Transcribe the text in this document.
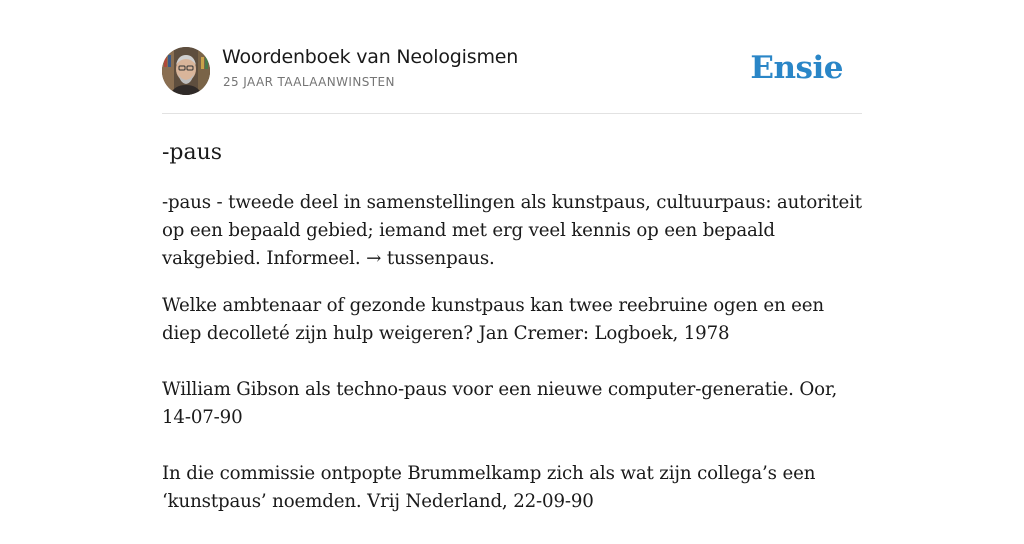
Woordenboek van Neologismen
25 JAAR TAALAANWINSTEN	Ensie
-paus

-paus - tweede deel in samenstellingen als kunstpaus, cultuurpaus: autoriteit op een bepaald gebied; iemand met erg veel kennis op een bepaald vakgebied. Informeel. → tussenpaus.

Welke ambtenaar of gezonde kunstpaus kan twee reebruine ogen en een diep decolleté zijn hulp weigeren? Jan Cremer: Logboek, 1978

William Gibson als techno-paus voor een nieuwe computer-generatie. Oor, 14-07-90

In die commissie ontpopte Brummelkamp zich als wat zijn collega’s een ‘kunstpaus’ noemden. Vrij Nederland, 22-09-90
